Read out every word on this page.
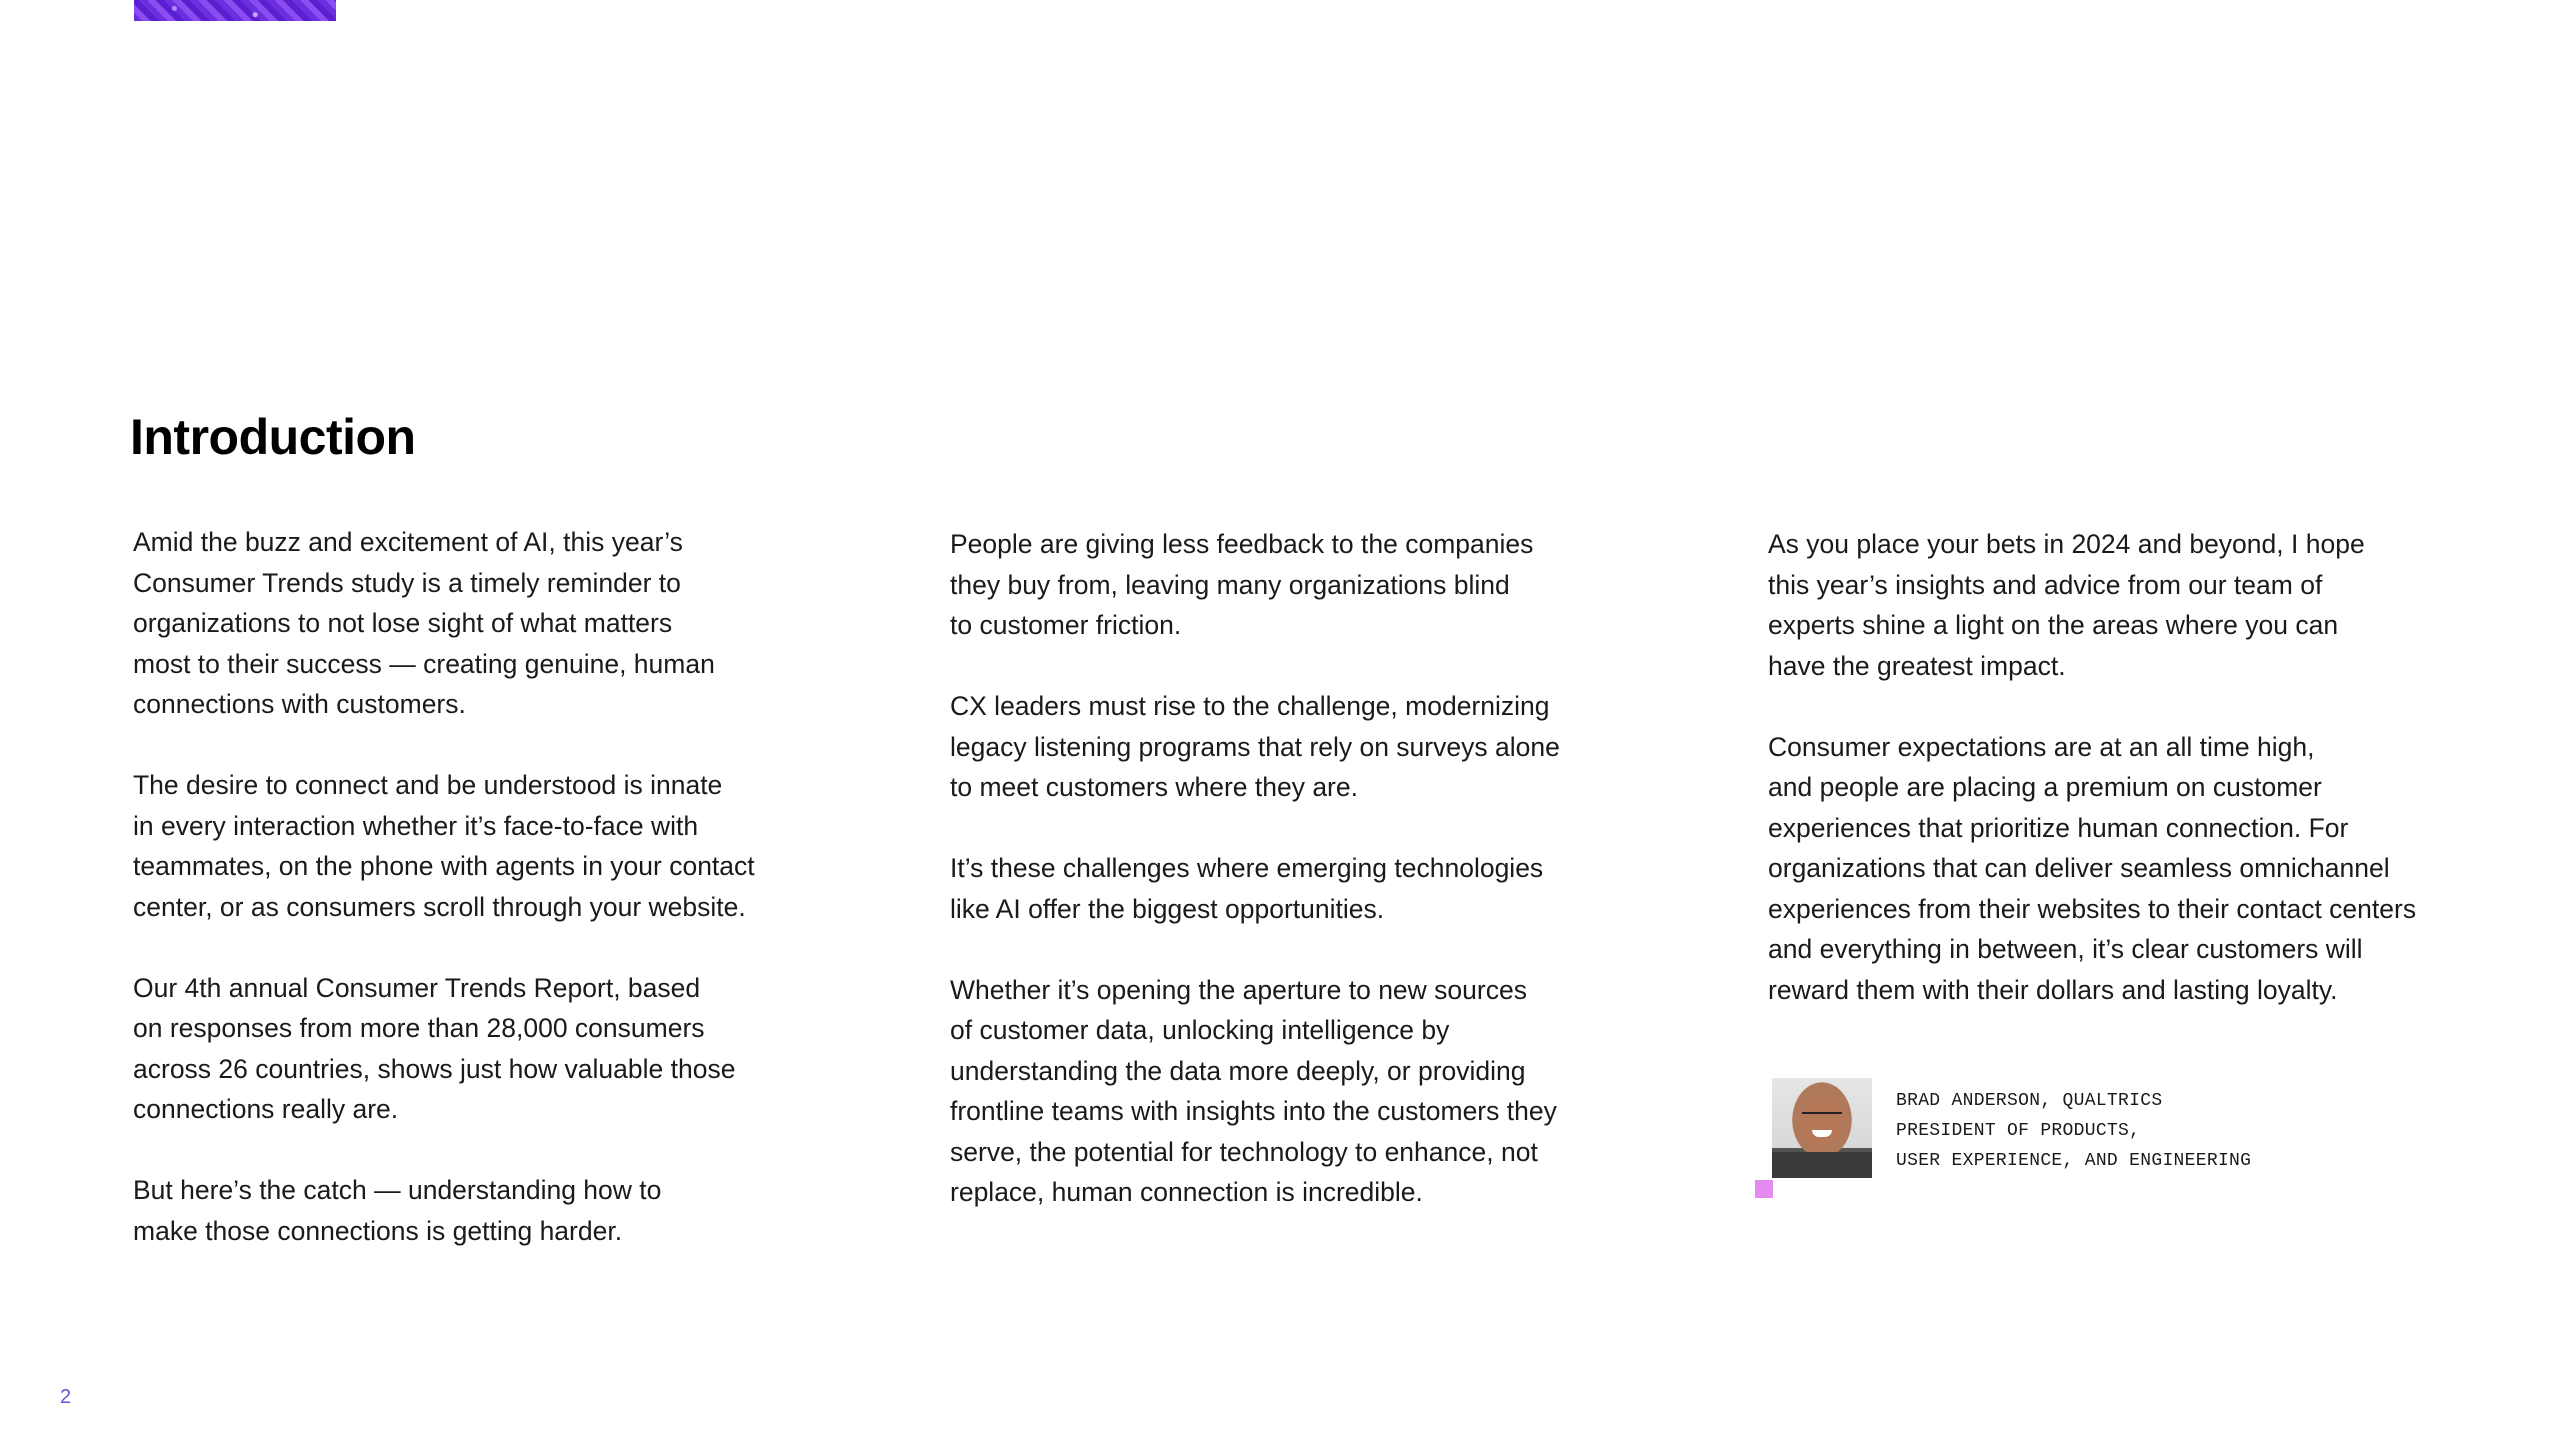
Introduction

Amid the buzz and excitement of AI, this year’s
Consumer Trends study is a timely reminder to
organizations to not lose sight of what matters
most to their success — creating genuine, human
connections with customers.

The desire to connect and be understood is innate
in every interaction whether it’s face-to-face with
teammates, on the phone with agents in your contact
center, or as consumers scroll through your website.

Our 4th annual Consumer Trends Report, based
on responses from more than 28,000 consumers
across 26 countries, shows just how valuable those
connections really are.

But here’s the catch — understanding how to
make those connections is getting harder.

People are giving less feedback to the companies
they buy from, leaving many organizations blind
to customer friction.

CX leaders must rise to the challenge, modernizing
legacy listening programs that rely on surveys alone
to meet customers where they are.

It’s these challenges where emerging technologies
like AI offer the biggest opportunities.

Whether it’s opening the aperture to new sources
of customer data, unlocking intelligence by
understanding the data more deeply, or providing
frontline teams with insights into the customers they
serve, the potential for technology to enhance, not
replace, human connection is incredible.

As you place your bets in 2024 and beyond, I hope
this year’s insights and advice from our team of
experts shine a light on the areas where you can
have the greatest impact.

Consumer expectations are at an all time high,
and people are placing a premium on customer
experiences that prioritize human connection. For
organizations that can deliver seamless omnichannel
experiences from their websites to their contact centers
and everything in between, it’s clear customers will
reward them with their dollars and lasting loyalty.

BRAD ANDERSON, QUALTRICS
PRESIDENT OF PRODUCTS,
USER EXPERIENCE, AND ENGINEERING
2
